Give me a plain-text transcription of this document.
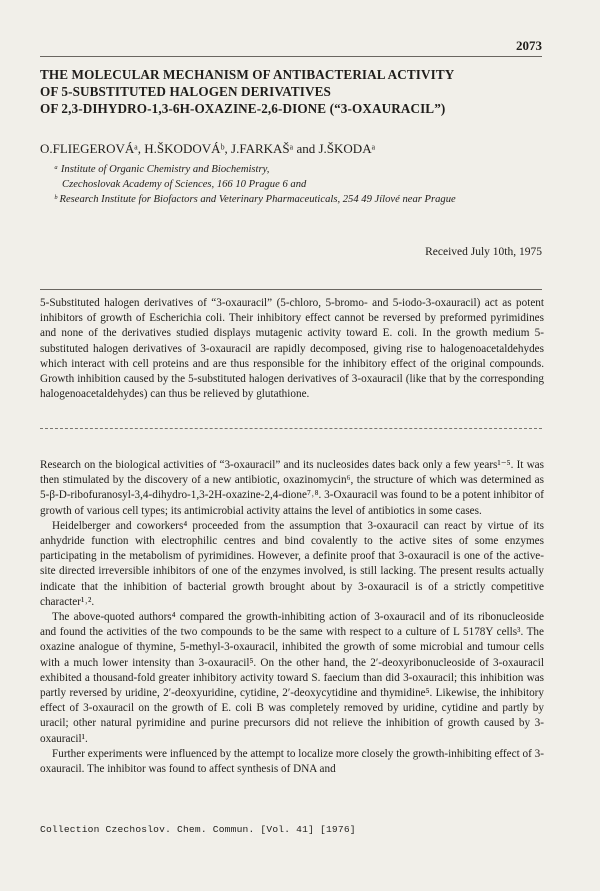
2073
THE MOLECULAR MECHANISM OF ANTIBACTERIAL ACTIVITY
OF 5-SUBSTITUTED HALOGEN DERIVATIVES
OF 2,3-DIHYDRO-1,3-6H-OXAZINE-2,6-DIONE (“3-OXAURACIL”)
O.FLIEGEROVÁᵃ, H.ŠKODOVÁᵇ, J.FARKAŠᵃ and J.ŠKODAᵃ
ᵃ Institute of Organic Chemistry and Biochemistry,
Czechoslovak Academy of Sciences, 166 10 Prague 6 and
ᵇ Research Institute for Biofactors and Veterinary Pharmaceuticals, 254 49 Jílové near Prague
Received July 10th, 1975
5-Substituted halogen derivatives of “3-oxauracil” (5-chloro, 5-bromo- and 5-iodo-3-oxauracil) act as potent inhibitors of growth of Escherichia coli. Their inhibitory effect cannot be reversed by preformed pyrimidines and none of the derivatives studied displays mutagenic activity toward E. coli. In the growth medium 5-substituted halogen derivatives of 3-oxauracil are rapidly decomposed, giving rise to halogenoacetaldehydes which interact with cell proteins and are thus responsible for the inhibitory effect of the original compounds. Growth inhibition caused by the 5-substituted halogen derivatives of 3-oxauracil (like that by the corresponding halogenoacetaldehydes) can thus be relieved by glutathione.

Research on the biological activities of “3-oxauracil” and its nucleosides dates back only a few years¹⁻⁵. It was then stimulated by the discovery of a new antibiotic, oxazinomycin⁶, the structure of which was determined as 5-β-D-ribofuranosyl-3,4-dihydro-1,3-2H-oxazine-2,4-dione⁷˒⁸. 3-Oxauracil was found to be a potent inhibitor of growth of various cell types; its antimicrobial activity attains the level of antibiotics in some cases.

Heidelberger and coworkers⁴ proceeded from the assumption that 3-oxauracil can react by virtue of its anhydride function with electrophilic centres and bind covalently to the active sites of some enzymes participating in the metabolism of pyrimidines. However, a definite proof that 3-oxauracil is one of the active-site directed irreversible inhibitors of one of the enzymes involved, is still lacking. The present results actually indicate that the inhibition of bacterial growth brought about by 3-oxauracil is of a strictly competitive character¹˒².

The above-quoted authors⁴ compared the growth-inhibiting action of 3-oxauracil and of its ribonucleoside and found the activities of the two compounds to be the same with respect to a culture of L 5178Y cells³. The oxazine analogue of thymine, 5-methyl-3-oxauracil, inhibited the growth of some microbial and tumour cells with a much lower intensity than 3-oxauracil⁵. On the other hand, the 2′-deoxyribonucleoside of 3-oxauracil exhibited a thousand-fold greater inhibitory activity toward S. faecium than did 3-oxauracil; this inhibition was partly reversed by uridine, 2′-deoxyuridine, cytidine, 2′-deoxycytidine and thymidine⁵. Likewise, the inhibitory effect of 3-oxauracil on the growth of E. coli B was completely removed by uridine, cytidine and partly by uracil; other natural pyrimidine and purine precursors did not relieve the inhibition of growth caused by 3-oxauracil¹.

Further experiments were influenced by the attempt to localize more closely the growth-inhibiting effect of 3-oxauracil. The inhibitor was found to affect synthesis of DNA and

Collection Czechoslov. Chem. Commun. [Vol. 41] [1976]
